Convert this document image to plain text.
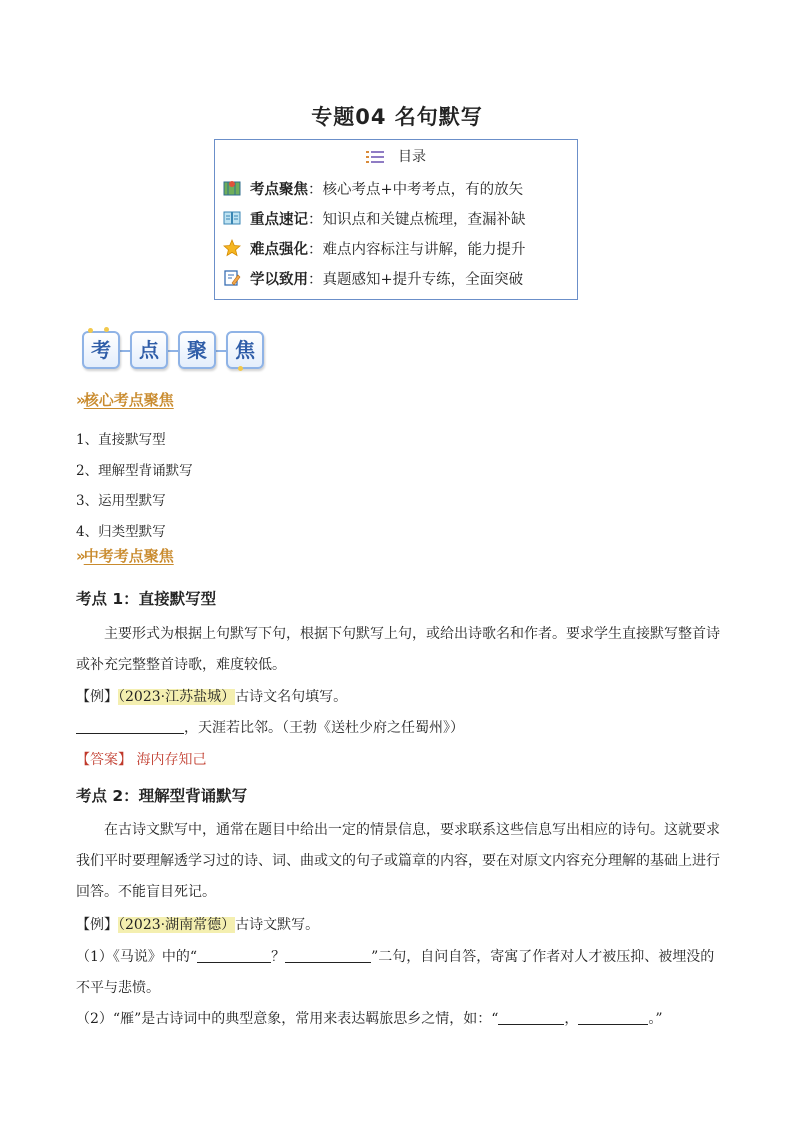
专题04 名句默写
目录
考点聚焦：核心考点+中考考点，有的放矢
重点速记：知识点和关键点梳理，查漏补缺
难点强化：难点内容标注与讲解，能力提升
学以致用：真题感知+提升专练，全面突破
考	点	聚	焦
»核心考点聚焦
1、直接默写型
2、理解型背诵默写
3、运用型默写
4、归类型默写
»中考考点聚焦
考点 1：直接默写型
主要形式为根据上句默写下句，根据下句默写上句，或给出诗歌名和作者。要求学生直接默写整首诗或补充完整整首诗歌，难度较低。
【例】（2023·江苏盐城）古诗文名句填写。
，天涯若比邻。（王勃《送杜少府之任蜀州》）
【答案】 海内存知己
考点 2：理解型背诵默写
在古诗文默写中，通常在题目中给出一定的情景信息，要求联系这些信息写出相应的诗句。这就要求我们平时要理解透学习过的诗、词、曲或文的句子或篇章的内容，要在对原文内容充分理解的基础上进行回答。不能盲目死记。
【例】（2023·湖南常德）古诗文默写。
（1）《马说》中的“	？	”二句，自问自答，寄寓了作者对人才被压抑、被埋没的
不平与悲愤。
（2）“雁”是古诗词中的典型意象，常用来表达羁旅思乡之情，如：“	，	。”
